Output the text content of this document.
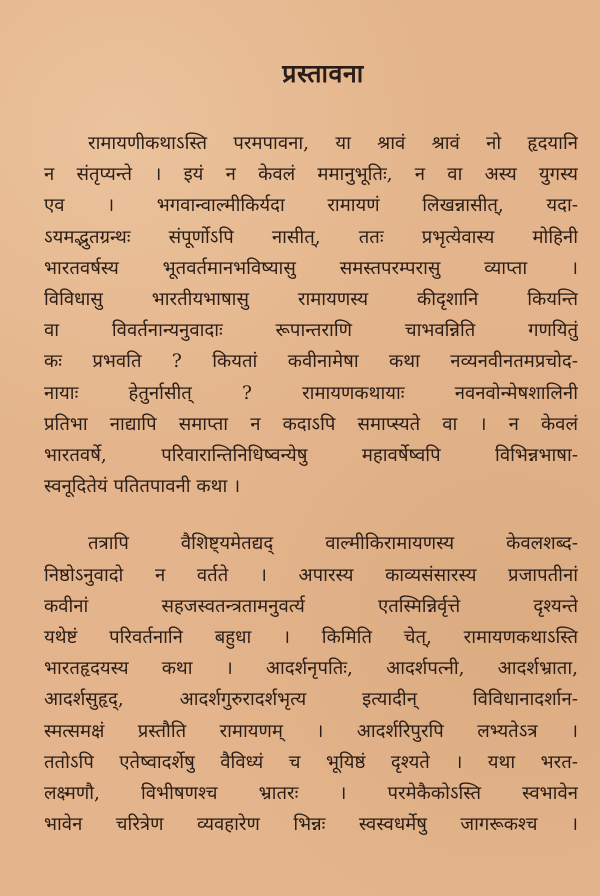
प्रस्तावना
रामायणीकथाऽस्ति परमपावना, या श्रावं श्रावं नो हृदयानि
न संतृप्यन्ते । इयं न केवलं ममानुभूतिः, न वा अस्य युगस्य
एव । भगवान्वाल्मीकिर्यदा रामायणं लिखन्नासीत्, यदा-
ऽयमद्भुतग्रन्थः संपूर्णोऽपि नासीत्, ततः प्रभृत्येवास्य मोहिनी
भारतवर्षस्य भूतवर्तमानभविष्यासु समस्तपरम्परासु व्याप्ता ।
विविधासु भारतीयभाषासु रामायणस्य कीदृशानि कियन्ति
वा विवर्तनान्यनुवादाः रूपान्तराणि चाभवन्निति गणयितुं
कः प्रभवति ? कियतां कवीनामेषा कथा नव्यनवीनतमप्रचोद-
नायाः हेतुर्नासीत् ? रामायणकथायाः नवनवोन्मेषशालिनी
प्रतिभा नाद्यापि समाप्ता न कदाऽपि समाप्स्यते वा । न केवलं
भारतवर्षे, परिवारान्तिनिधिष्वन्येषु महावर्षेष्वपि विभिन्नभाषा-
स्वनूदितेयं पतितपावनी कथा ।
तत्रापि वैशिष्ट्यमेतद्यद् वाल्मीकिरामायणस्य केवलशब्द-
निष्ठोऽनुवादो न वर्तते । अपारस्य काव्यसंसारस्य प्रजापतीनां
कवीनां सहजस्वतन्त्रतामनुवर्त्य एतस्मिन्निर्वृत्ते दृश्यन्ते
यथेष्टं परिवर्तनानि बहुधा । किमिति चेत्, रामायणकथाऽस्ति
भारतहृदयस्य कथा । आदर्शनृपतिः, आदर्शपत्नी, आदर्शभ्राता,
आदर्शसुहृद्, आदर्शगुरुरादर्शभृत्य इत्यादीन् विविधानादर्शान-
स्मत्समक्षं प्रस्तौति रामायणम् । आदर्शरिपुरपि लभ्यतेऽत्र ।
ततोऽपि एतेष्वादर्शेषु वैविध्यं च भूयिष्ठं दृश्यते । यथा भरत-
लक्ष्मणौ, विभीषणश्च भ्रातरः । परमेकैकोऽस्ति स्वभावेन
भावेन चरित्रेण व्यवहारेण भिन्नः स्वस्वधर्मेषु जागरूकश्च ।
